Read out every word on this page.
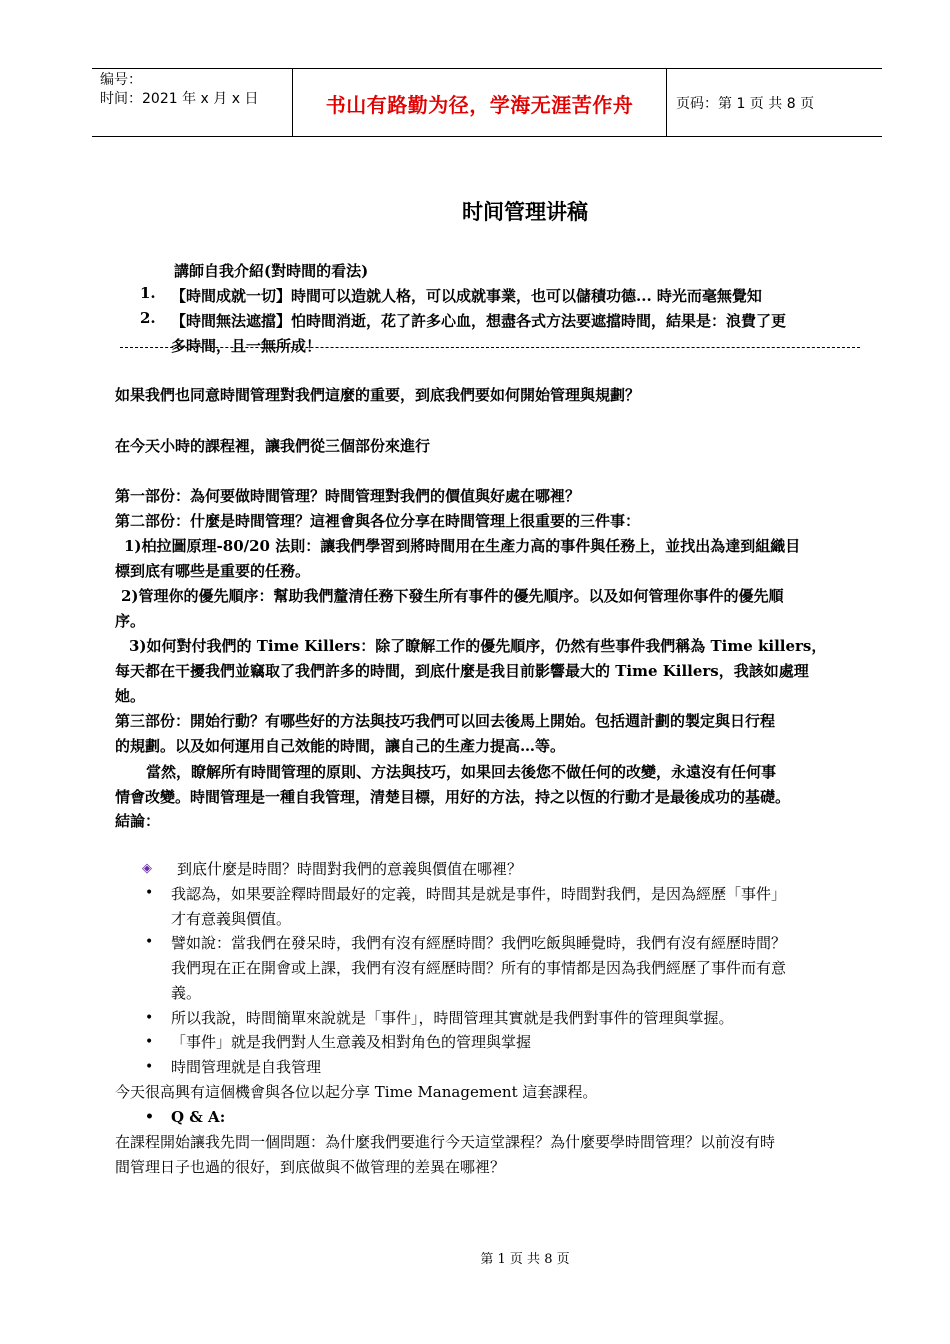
编号：
时间：2021 年 x 月 x 日	书山有路勤为径，学海无涯苦作舟	页码：第 1 页 共 8 页
时间管理讲稿
講師自我介紹(對時間的看法)
1. 【時間成就一切】時間可以造就人格，可以成就事業，也可以儲積功德... 時光而毫無覺知
2. 【時間無法遮擋】怕時間消逝，花了許多心血，想盡各式方法要遮擋時間，結果是：浪費了更
多時間，且一無所成！
如果我們也同意時間管理對我們這麼的重要，到底我們要如何開始管理與規劃？
在今天小時的課程裡，讓我們從三個部份來進行
第一部份：為何要做時間管理？時間管理對我們的價值與好處在哪裡？
第二部份：什麼是時間管理？這裡會與各位分享在時間管理上很重要的三件事：
1)柏拉圖原理-80/20 法則：讓我們學習到將時間用在生產力高的事件與任務上，並找出為達到組織目
標到底有哪些是重要的任務。
2)管理你的優先順序：幫助我們釐清任務下發生所有事件的優先順序。以及如何管理你事件的優先順
序。
3)如何對付我們的 Time Killers：除了瞭解工作的優先順序，仍然有些事件我們稱為 Time killers，
每天都在干擾我們並竊取了我們許多的時間，到底什麼是我目前影響最大的 Time Killers，我該如處理
她。
第三部份：開始行動？有哪些好的方法與技巧我們可以回去後馬上開始。包括週計劃的製定與日行程
的規劃。以及如何運用自己效能的時間，讓自己的生產力提高…等。
當然，瞭解所有時間管理的原則、方法與技巧，如果回去後您不做任何的改變，永遠沒有任何事
情會改變。時間管理是一種自我管理，清楚目標，用好的方法，持之以恆的行動才是最後成功的基礎。
結論：
◈ 到底什麼是時間？時間對我們的意義與價值在哪裡？
• 我認為，如果要詮釋時間最好的定義，時間其是就是事件，時間對我們，是因為經歷「事件」
才有意義與價值。
• 譬如說：當我們在發呆時，我們有沒有經歷時間？我們吃飯與睡覺時，我們有沒有經歷時間？
我們現在正在開會或上課，我們有沒有經歷時間？所有的事情都是因為我們經歷了事件而有意
義。
• 所以我說，時間簡單來說就是「事件」，時間管理其實就是我們對事件的管理與掌握。
• 「事件」就是我們對人生意義及相對角色的管理與掌握
• 時間管理就是自我管理
今天很高興有這個機會與各位以起分享 Time Management 這套課程。
• Q & A:
在課程開始讓我先問一個問題：為什麼我們要進行今天這堂課程？為什麼要學時間管理？以前沒有時
間管理日子也過的很好，到底做與不做管理的差異在哪裡？
第 1 页 共 8 页
